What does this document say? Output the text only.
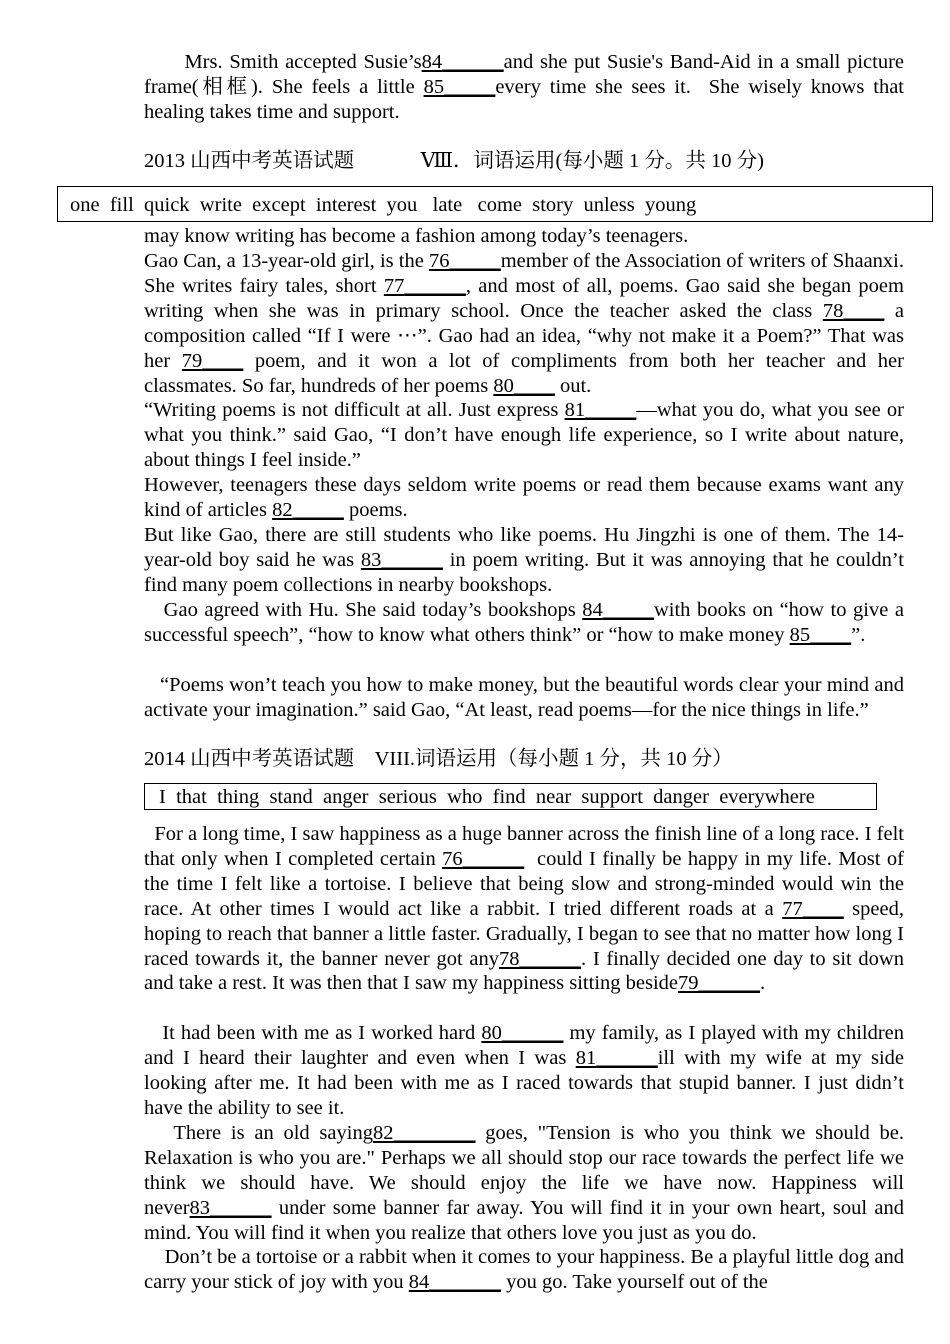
Mrs. Smith accepted Susie’s84______and she put Susie's Band-Aid in a small picture frame(相框). She feels a little 85_____every time she sees it.  She wisely knows that healing takes time and support.

2013 山西中考英语试题	Ⅷ．词语运用(每小题 1 分。共 10 分)
one  fill  quick  write  except  interest  you   late   come  story  unless  young

may know writing has become a fashion among today’s teenagers.

Gao Can, a 13-year-old girl, is the 76_____member of the Association of writers of Shaanxi. She writes fairy tales, short 77______, and most of all, poems. Gao said she began poem writing when she was in primary school. Once the teacher asked the class 78____ a composition called “If I were ⋯”. Gao had an idea, “why not make it a Poem?” That was her 79____ poem, and it won a lot of compliments from both her teacher and her classmates. So far, hundreds of her poems 80____ out.

“Writing poems is not difficult at all. Just express 81_____—what you do, what you see or what you think.” said Gao, “I don’t have enough life experience, so I write about nature, about things I feel inside.”

However, teenagers these days seldom write poems or read them because exams want any kind of articles 82_____ poems.

But like Gao, there are still students who like poems. Hu Jingzhi is one of them. The 14-year-old boy said he was 83______ in poem writing. But it was annoying that he couldn’t find many poem collections in nearby bookshops.

Gao agreed with Hu. She said today’s bookshops 84_____with books on “how to give a successful speech”, “how to know what others think” or “how to make money 85____”.

“Poems won’t teach you how to make money, but the beautiful words clear your mind and activate your imagination.” said Gao, “At least, read poems—for the nice things in life.”

2014 山西中考英语试题 VIII.词语运用（每小题 1 分，共 10 分）
I  that  thing  stand  anger  serious  who  find  near  support  danger  everywhere

For a long time, I saw happiness as a huge banner across the finish line of a long race. I felt that only when I completed certain 76______  could I finally be happy in my life. Most of the time I felt like a tortoise. I believe that being slow and strong-minded would win the race. At other times I would act like a rabbit. I tried different roads at a 77____ speed, hoping to reach that banner a little faster. Gradually, I began to see that no matter how long I raced towards it, the banner never got any78______. I finally decided one day to sit down and take a rest. It was then that I saw my happiness sitting beside79______.

It had been with me as I worked hard 80______ my family, as I played with my children and I heard their laughter and even when I was 81______ill with my wife at my side looking after me. It had been with me as I raced towards that stupid banner. I just didn’t have the ability to see it.

There is an old saying82________ goes, "Tension is who you think we should be. Relaxation is who you are." Perhaps we all should stop our race towards the perfect life we think we should have. We should enjoy the life we have now. Happiness will never83______ under some banner far away. You will find it in your own heart, soul and mind. You will find it when you realize that others love you just as you do.

Don’t be a tortoise or a rabbit when it comes to your happiness. Be a playful little dog and carry your stick of joy with you 84_______ you go. Take yourself out of the
